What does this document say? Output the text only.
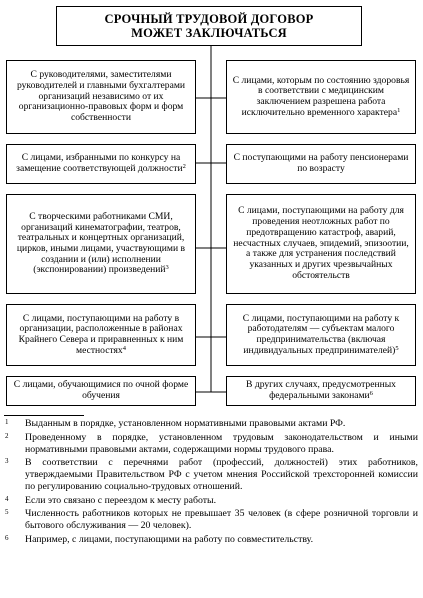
СРОЧНЫЙ ТРУДОВОЙ ДОГОВОР
МОЖЕТ ЗАКЛЮЧАТЬСЯ
С руководителями, заместителями руководителей и главными бухгалтерами организаций независимо от их организационно-правовых форм и форм собственности
С лицами, избранными по конкурсу на замещение соответствующей должности$^2$
С творческими работниками СМИ, организаций кинематографии, театров, театральных и концертных организаций, цирков, иными лицами, участвующими в создании и (или) исполнении (экспонировании) произведений$^3$
С лицами, поступающими на работу в организации, расположенные в районах Крайнего Севера и приравненных к ним местностях$^4$
С лицами, обучающимися по очной форме обучения
С лицами, которым по состоянию здоровья в соответствии с медицинским заключением разрешена работа исключительно временного характера$^1$
С поступающими на работу пенсионерами по возрасту
С лицами, поступающими на работу для проведения неотложных работ по предотвращению катастроф, аварий, несчастных случаев, эпидемий, эпизоотии, а также для устранения последствий указанных и других чрезвычайных обстоятельств
С лицами, поступающими на работу к работодателям — субъектам малого предпринимательства (включая индивидуальных предпринимателей)$^5$
В других случаях, предусмотренных федеральными законами$^6$
1	Выданным в порядке, установленном нормативными правовыми актами РФ.
2	Проведенному в порядке, установленном трудовым законодательством и иными нормативными правовыми актами, содержащими нормы трудового права.
3	В соответствии с перечнями работ (профессий, должностей) этих работников, утверждаемыми Правительством РФ с учетом мнения Российской трехсторонней комиссии по регулированию социально-трудовых отношений.
4	Если это связано с переездом к месту работы.
5	Численность работников которых не превышает 35 человек (в сфере розничной торговли и бытового обслуживания — 20 человек).
6	Например, с лицами, поступающими на работу по совместительству.
